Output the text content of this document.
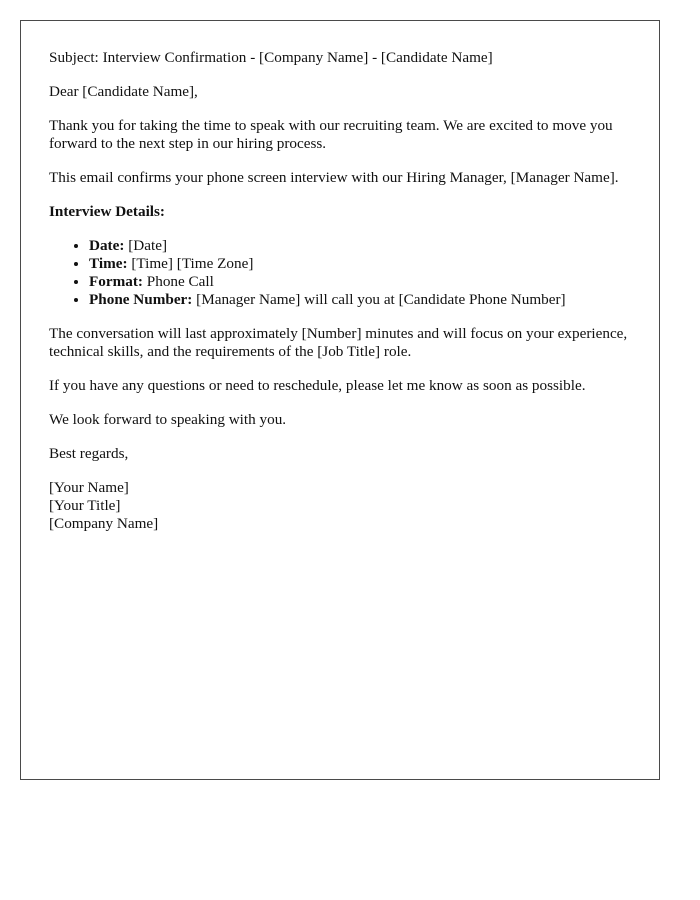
Subject: Interview Confirmation - [Company Name] - [Candidate Name]

Dear [Candidate Name],

Thank you for taking the time to speak with our recruiting team. We are excited to move you forward to the next step in our hiring process.

This email confirms your phone screen interview with our Hiring Manager, [Manager Name].

Interview Details:

• Date: [Date]
• Time: [Time] [Time Zone]
• Format: Phone Call
• Phone Number: [Manager Name] will call you at [Candidate Phone Number]

The conversation will last approximately [Number] minutes and will focus on your experience, technical skills, and the requirements of the [Job Title] role.

If you have any questions or need to reschedule, please let me know as soon as possible.

We look forward to speaking with you.

Best regards,

[Your Name]
[Your Title]
[Company Name]
